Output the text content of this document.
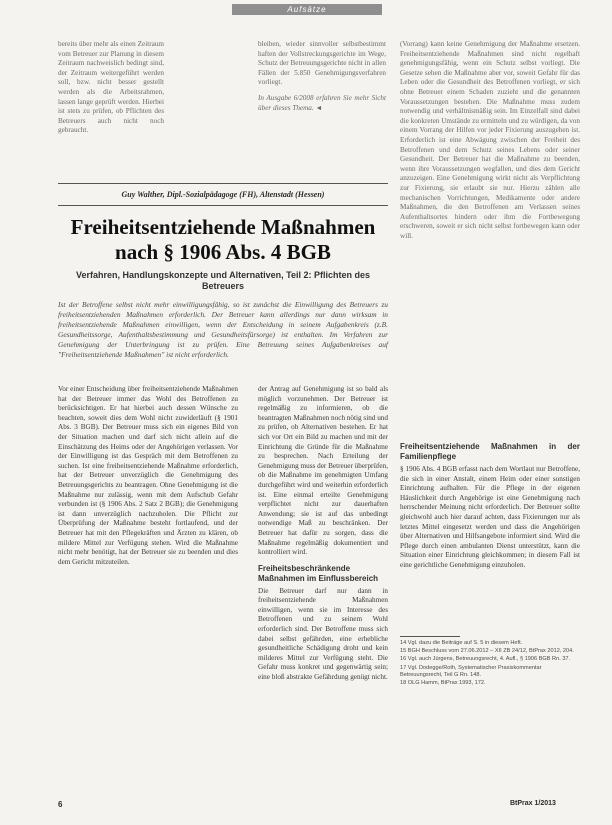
Aufsätze

bereits über mehr als einen Zeitraum vom Betreuer zur Planung in diesem Zeitraum nachweislich bedingt sind, der Zeitraum weitergeführt werden soll, bzw. nicht besser gestellt werden als die Arbeitsrahmen, lassen lange geprüft werden. Hierbei ist stets zu prüfen, ob Pflichten des Betreuers auch nicht noch gebraucht.

bleiben, wieder sinnvoller selbstbestimmt haften der Vollstreckungsgerichte im Wege, Schutz der Betreuungsgerichte nicht in allen Fällen der 5.850 Genehmigungsverfahren vorliegt.

In Ausgabe 6/2008 erfahren Sie mehr Sicht über dieses Thema. ◄

(Vorrang) kann keine Genehmigung der Maßnahme ersetzen. Freiheitsentziehende Maßnahmen sind nicht regelhaft genehmigungsfähig, wenn ein Schutz selbst vorliegt. Die Gesetze sehen die Maßnahme aber vor, soweit Gefahr für das Leben oder die Gesundheit des Betroffenen vorliegt, er sich ohne Betreuer einem Schaden zuzieht und die genannten Voraussetzungen bestehen. Die Maßnahme muss zudem notwendig und verhältnismäßig sein. Im Einzelfall sind dabei die konkreten Umstände zu ermitteln und zu würdigen, da von einem Vorrang der Hilfen vor jeder Fixierung auszugehen ist. Erforderlich ist eine Abwägung zwischen der Freiheit des Betroffenen und dem Schutz seines Lebens oder seiner Gesundheit. Der Betreuer hat die Maßnahme zu beenden, wenn ihre Voraussetzungen wegfallen, und dies dem Gericht anzuzeigen. Eine Genehmigung wirkt nicht als Verpflichtung zur Fixierung, sie erlaubt sie nur. Hierzu zählen alle mechanischen Vorrichtungen, Medikamente oder andere Maßnahmen, die den Betroffenen am Verlassen seines Aufenthaltsortes hindern oder ihm die Fortbewegung erschweren, soweit er sich nicht selbst fortbewegen kann oder will.

Guy Walther, Dipl.-Sozialpädagoge (FH), Altenstadt (Hessen)
Freiheitsentziehende Maßnahmen
nach § 1906 Abs. 4 BGB
Verfahren, Handlungskonzepte und Alternativen, Teil 2: Pflichten des Betreuers
Ist der Betroffene selbst nicht mehr einwilligungsfähig, so ist zunächst die Einwilligung des Betreuers zu freiheitsentziehenden Maßnahmen erforderlich. Der Betreuer kann allerdings nur dann wirksam in freiheitsentziehende Maßnahmen einwilligen, wenn der Entscheidung in seinem Aufgabenkreis (z.B. Gesundheitssorge, Aufenthaltsbestimmung und Gesundheitsfürsorge) ist enthalten. Im Verfahren zur Genehmigung der Unterbringung ist zu prüfen. Eine Betreuung seines Aufgabenkreises auf "Freiheitsentziehende Maßnahmen" ist nicht erforderlich.

Vor einer Entscheidung über freiheitsentziehende Maßnahmen hat der Betreuer immer das Wohl des Betroffenen zu berücksichtigen. Er hat hierbei auch dessen Wünsche zu beachten, soweit dies dem Wohl nicht zuwiderläuft (§ 1901 Abs. 3 BGB). Der Betreuer muss sich ein eigenes Bild von der Situation machen und darf sich nicht allein auf die Einschätzung des Heims oder der Angehörigen verlassen. Vor der Einwilligung ist das Gespräch mit dem Betroffenen zu suchen. Ist eine freiheitsentziehende Maßnahme erforderlich, hat der Betreuer unverzüglich die Genehmigung des Betreuungsgerichts zu beantragen. Ohne Genehmigung ist die Maßnahme nur zulässig, wenn mit dem Aufschub Gefahr verbunden ist (§ 1906 Abs. 2 Satz 2 BGB); die Genehmigung ist dann unverzüglich nachzuholen. Die Pflicht zur Überprüfung der Maßnahme besteht fortlaufend, und der Betreuer hat mit den Pflegekräften und Ärzten zu klären, ob mildere Mittel zur Verfügung stehen. Wird die Maßnahme nicht mehr benötigt, hat der Betreuer sie zu beenden und dies dem Gericht mitzuteilen.

der Antrag auf Genehmigung ist so bald als möglich vorzunehmen. Der Betreuer ist regelmäßig zu informieren, ob die beantragten Maßnahmen noch nötig sind und zu prüfen, ob Alternativen bestehen. Er hat sich vor Ort ein Bild zu machen und mit der Einrichtung die Gründe für die Maßnahme zu besprechen. Nach Erteilung der Genehmigung muss der Betreuer überprüfen, ob die Maßnahme im genehmigten Umfang durchgeführt wird und weiterhin erforderlich ist. Eine einmal erteilte Genehmigung verpflichtet nicht zur dauerhaften Anwendung; sie ist auf das unbedingt notwendige Maß zu beschränken. Der Betreuer hat dafür zu sorgen, dass die Maßnahme regelmäßig dokumentiert und kontrolliert wird.

Freiheitsbeschränkende Maßnahmen im Einflussbereich

Die Betreuer darf nur dann in freiheitsentziehende Maßnahmen einwilligen, wenn sie im Interesse des Betroffenen und zu seinem Wohl erforderlich sind. Der Betroffene muss sich dabei selbst gefährden, eine erhebliche gesundheitliche Schädigung droht und kein milderes Mittel zur Verfügung steht. Die Gefahr muss konkret und gegenwärtig sein; eine bloß abstrakte Gefährdung genügt nicht.

Freiheitsentziehende Maßnahmen in der Familienpflege

§ 1906 Abs. 4 BGB erfasst nach dem Wortlaut nur Betroffene, die sich in einer Anstalt, einem Heim oder einer sonstigen Einrichtung aufhalten. Für die Pflege in der eigenen Häuslichkeit durch Angehörige ist eine Genehmigung nach herrschender Meinung nicht erforderlich. Der Betreuer sollte gleichwohl auch hier darauf achten, dass Fixierungen nur als letztes Mittel eingesetzt werden und dass die Angehörigen über Alternativen und Hilfsangebote informiert sind. Wird die Pflege durch einen ambulanten Dienst unterstützt, kann die Situation einer Einrichtung gleichkommen; in diesem Fall ist eine gerichtliche Genehmigung einzuholen.

14 Vgl. dazu die Beiträge auf S. 5 in diesem Heft.
15 BGH Beschluss vom 27.06.2012 – XII ZB 24/12, BtPrax 2012, 204.
16 Vgl. auch Jürgens, Betreuungsrecht, 4. Aufl., § 1906 BGB Rn. 37.
17 Vgl. Dodegge/Roth, Systematischer Praxiskommentar Betreuungsrecht, Teil G Rn. 148.
18 OLG Hamm, BtPrax 1993, 172.
6	BtPrax 1/2013
